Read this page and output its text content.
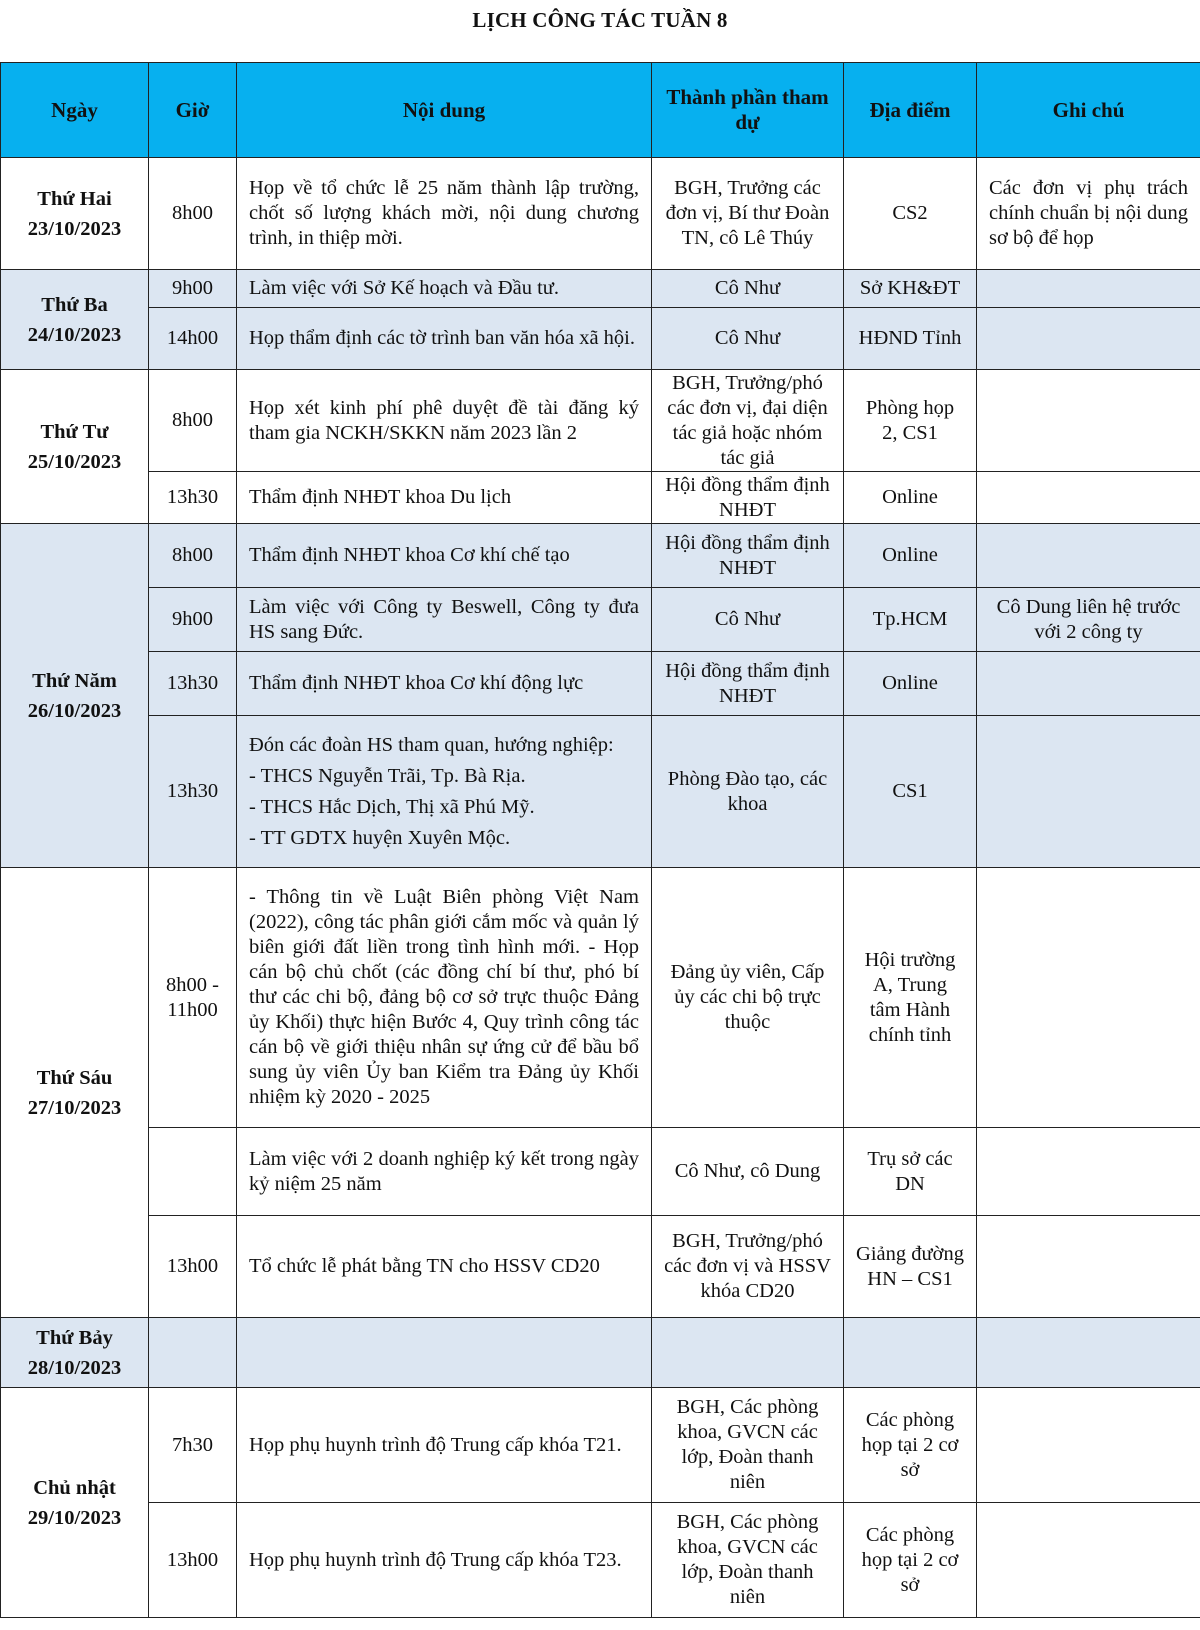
LỊCH CÔNG TÁC TUẦN 8
Ngày	Giờ	Nội dung	Thành phần tham dự	Địa điểm	Ghi chú

Thứ Hai
23/10/2023	8h00	Họp về tổ chức lễ 25 năm thành lập trường, chốt số lượng khách mời, nội dung chương trình, in thiệp mời.	BGH, Trưởng các đơn vị, Bí thư Đoàn TN, cô Lê Thúy	CS2	Các đơn vị phụ trách chính chuẩn bị nội dung sơ bộ để họp

Thứ Ba
24/10/2023	9h00	Làm việc với Sở Kế hoạch và Đầu tư.	Cô Như	Sở KH&ĐT	
	14h00	Họp thẩm định các tờ trình ban văn hóa xã hội.	Cô Như	HĐND Tỉnh	

Thứ Tư
25/10/2023	8h00	Họp xét kinh phí phê duyệt đề tài đăng ký tham gia NCKH/SKKN năm 2023 lần 2	BGH, Trưởng/phó các đơn vị, đại diện tác giả hoặc nhóm tác giả	Phòng họp 2, CS1	
	13h30	Thẩm định NHĐT khoa Du lịch	Hội đồng thẩm định NHĐT	Online	

Thứ Năm
26/10/2023	8h00	Thẩm định NHĐT khoa Cơ khí chế tạo	Hội đồng thẩm định NHĐT	Online	
	9h00	Làm việc với Công ty Beswell, Công ty đưa HS sang Đức.	Cô Như	Tp.HCM	Cô Dung liên hệ trước với 2 công ty
	13h30	Thẩm định NHĐT khoa Cơ khí động lực	Hội đồng thẩm định NHĐT	Online	
	13h30	Đón các đoàn HS tham quan, hướng nghiệp:
- THCS Nguyễn Trãi, Tp. Bà Rịa.
- THCS Hắc Dịch, Thị xã Phú Mỹ.
- TT GDTX huyện Xuyên Mộc.	Phòng Đào tạo, các khoa	CS1	

Thứ Sáu
27/10/2023	8h00 - 11h00	- Thông tin về Luật Biên phòng Việt Nam (2022), công tác phân giới cắm mốc và quản lý biên giới đất liền trong tình hình mới. - Họp cán bộ chủ chốt (các đồng chí bí thư, phó bí thư các chi bộ, đảng bộ cơ sở trực thuộc Đảng ủy Khối) thực hiện Bước 4, Quy trình công tác cán bộ về giới thiệu nhân sự ứng cử để bầu bổ sung ủy viên Ủy ban Kiểm tra Đảng ủy Khối nhiệm kỳ 2020 - 2025	Đảng ủy viên, Cấp ủy các chi bộ trực thuộc	Hội trường A, Trung tâm Hành chính tỉnh	
		Làm việc với 2 doanh nghiệp ký kết trong ngày kỷ niệm 25 năm	Cô Như, cô Dung	Trụ sở các DN	
	13h00	Tổ chức lễ phát bằng TN cho HSSV CD20	BGH, Trưởng/phó các đơn vị và HSSV khóa CD20	Giảng đường HN – CS1	

Thứ Bảy
28/10/2023					

Chủ nhật
29/10/2023	7h30	Họp phụ huynh trình độ Trung cấp khóa T21.	BGH, Các phòng khoa, GVCN các lớp, Đoàn thanh niên	Các phòng họp tại 2 cơ sở	
	13h00	Họp phụ huynh trình độ Trung cấp khóa T23.	BGH, Các phòng khoa, GVCN các lớp, Đoàn thanh niên	Các phòng họp tại 2 cơ sở	
